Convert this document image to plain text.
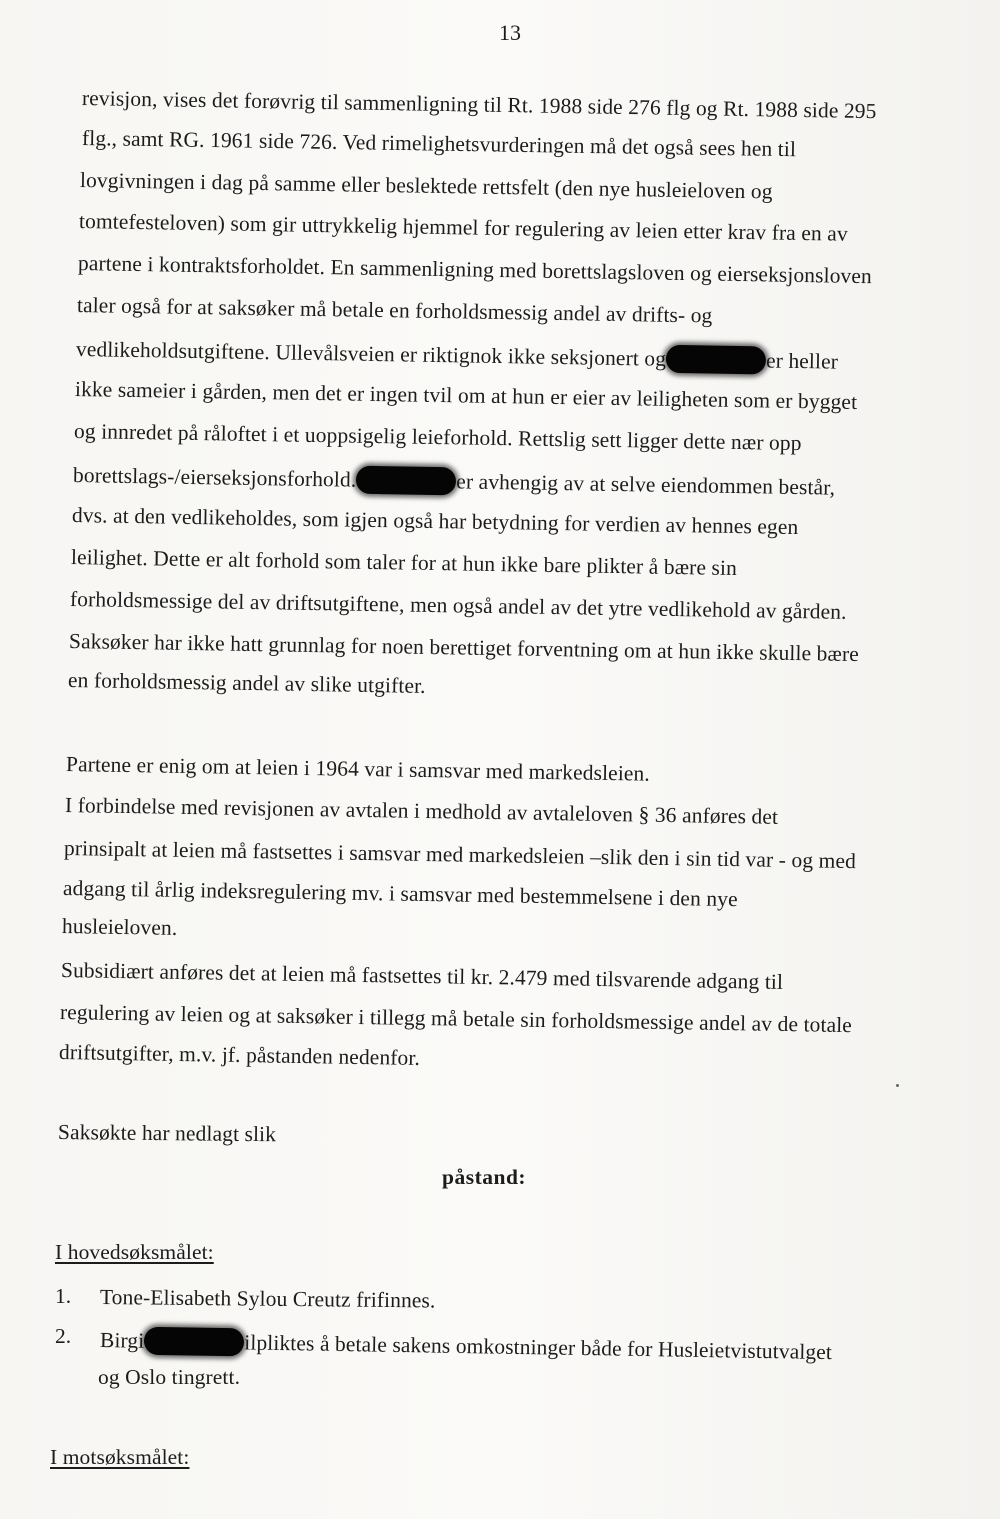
13
revisjon, vises det forøvrig til sammenligning til Rt. 1988 side 276 flg og Rt. 1988 side 295
flg., samt RG. 1961 side 726. Ved rimelighetsvurderingen må det også sees hen til
lovgivningen i dag på samme eller beslektede rettsfelt (den nye husleieloven og
tomtefesteloven) som gir uttrykkelig hjemmel for regulering av leien etter krav fra en av
partene i kontraktsforholdet. En sammenligning med borettslagsloven og eierseksjonsloven
taler også for at saksøker må betale en forholdsmessig andel av drifts- og
vedlikeholdsutgiftene. Ullevålsveien er riktignok ikke seksjonert og	er heller
ikke sameier i gården, men det er ingen tvil om at hun er eier av leiligheten som er bygget
og innredet på råloftet i et uoppsigelig leieforhold. Rettslig sett ligger dette nær opp
borettslags-/eierseksjonsforhold.	er avhengig av at selve eiendommen består,
dvs. at den vedlikeholdes, som igjen også har betydning for verdien av hennes egen
leilighet. Dette er alt forhold som taler for at hun ikke bare plikter å bære sin
forholdsmessige del av driftsutgiftene, men også andel av det ytre vedlikehold av gården.
Saksøker har ikke hatt grunnlag for noen berettiget forventning om at hun ikke skulle bære
en forholdsmessig andel av slike utgifter.
Partene er enig om at leien i 1964 var i samsvar med markedsleien.
I forbindelse med revisjonen av avtalen i medhold av avtaleloven § 36 anføres det
prinsipalt at leien må fastsettes i samsvar med markedsleien –slik den i sin tid var - og med
adgang til årlig indeksregulering mv. i samsvar med bestemmelsene i den nye
husleieloven.
Subsidiært anføres det at leien må fastsettes til kr. 2.479 med tilsvarende adgang til
regulering av leien og at saksøker i tillegg må betale sin forholdsmessige andel av de totale
driftsutgifter, m.v. jf. påstanden nedenfor.
Saksøkte har nedlagt slik
påstand:
I hovedsøksmålet:
1. Tone-Elisabeth Sylou Creutz frifinnes.
2. Birgi	ilpliktes å betale sakens omkostninger både for Husleietvistutvalget
og Oslo tingrett.
I motsøksmålet:
